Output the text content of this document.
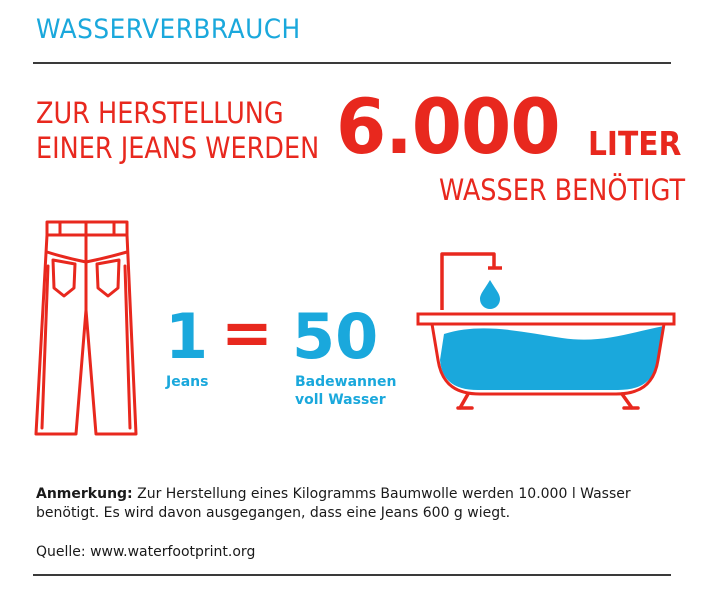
WASSERVERBRAUCH
ZUR HERSTELLUNG
EINER JEANS WERDEN 6.000 LITER
WASSER BENÖTIGT
1 = 50
Jeans	Badewannen
voll Wasser
Anmerkung: Zur Herstellung eines Kilogramms Baumwolle werden 10.000 l Wasser benötigt. Es wird davon ausgegangen, dass eine Jeans 600 g wiegt.
Quelle: www.waterfootprint.org
